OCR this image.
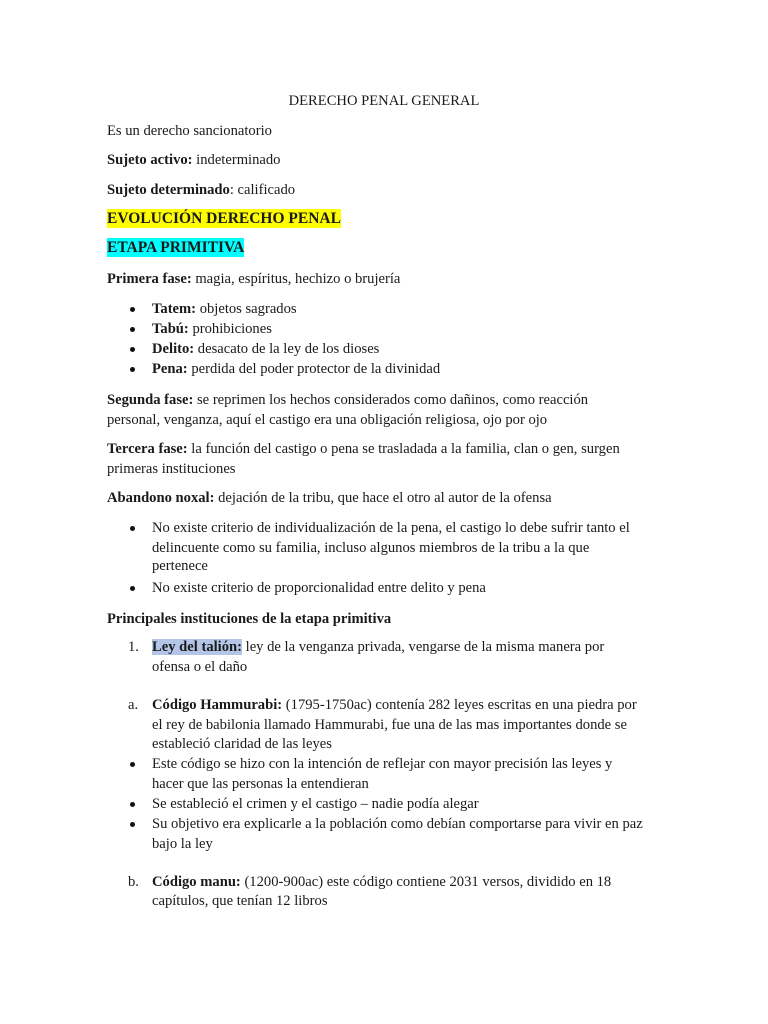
DERECHO PENAL GENERAL
Es un derecho sancionatorio
Sujeto activo: indeterminado
Sujeto determinado: calificado
EVOLUCIÓN DERECHO PENAL
ETAPA PRIMITIVA
Primera fase: magia, espíritus, hechizo o brujería
Tatem: objetos sagrados
Tabú: prohibiciones
Delito: desacato de la ley de los dioses
Pena: perdida del poder protector de la divinidad
Segunda fase: se reprimen los hechos considerados como dañinos, como reacción
personal, venganza, aquí el castigo era una obligación religiosa, ojo por ojo
Tercera fase: la función del castigo o pena se trasladada a la familia, clan o gen, surgen
primeras instituciones
Abandono noxal: dejación de la tribu, que hace el otro al autor de la ofensa
No existe criterio de individualización de la pena, el castigo lo debe sufrir tanto el
delincuente como su familia, incluso algunos miembros de la tribu a la que
pertenece
No existe criterio de proporcionalidad entre delito y pena
Principales instituciones de la etapa primitiva
1. Ley del talión: ley de la venganza privada, vengarse de la misma manera por
ofensa o el daño
a. Código Hammurabi: (1795-1750ac) contenía 282 leyes escritas en una piedra por
el rey de babilonia llamado Hammurabi, fue una de las mas importantes donde se
estableció claridad de las leyes
Este código se hizo con la intención de reflejar con mayor precisión las leyes y
hacer que las personas la entendieran
Se estableció el crimen y el castigo – nadie podía alegar
Su objetivo era explicarle a la población como debían comportarse para vivir en paz
bajo la ley
b. Código manu: (1200-900ac) este código contiene 2031 versos, dividido en 18
capítulos, que tenían 12 libros
